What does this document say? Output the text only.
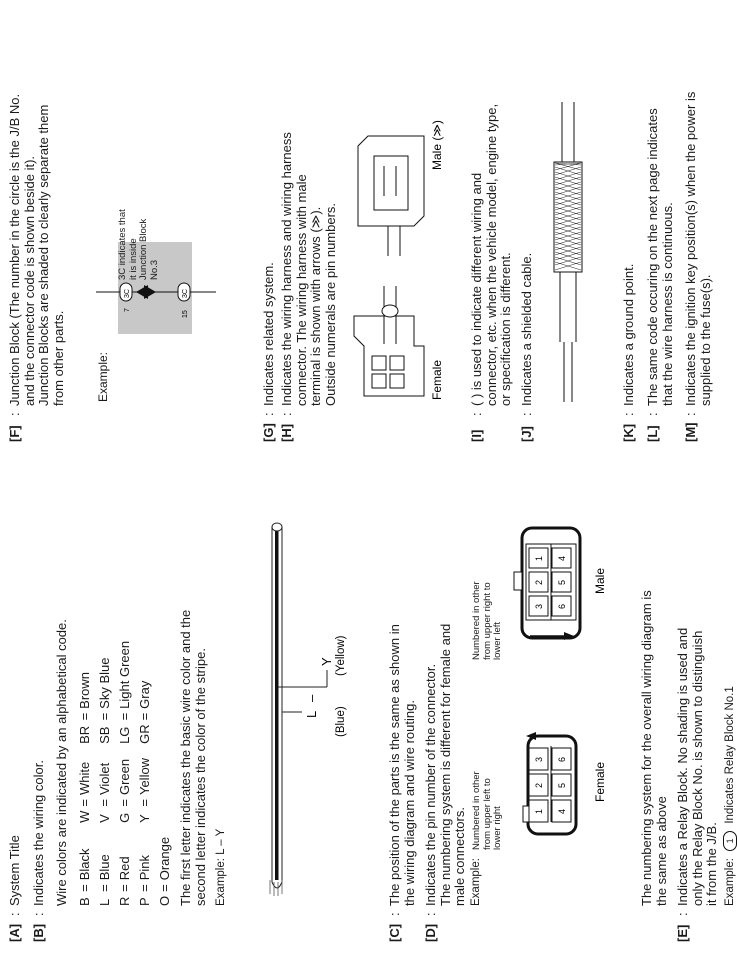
[A]
:
System Title
[B]
:
Indicates the wiring color. Wire colors are indicated by an alphabetical code. B	=	Black	W	=	White	BR	=	Brown
L	=	Blue	V	=	Violet	SB	=	Sky Blue
R	=	Red	G	=	Green	LG	=	Light Green
P	=	Pink	Y	=	Yellow	GR	=	Gray
O	=	Orange						The first letter indicates the basic wire color and the second letter indicates the color of the stripe. Example: L – Y
L
–
Y
(Blue)
(Yellow)
[C]
:
The position of the parts is the same as shown in the wiring diagram and wire routing.
[D]
:
Indicates the pin number of the connector. The numbering system is different for female and male connectors. Example:
Numbered in other from upper left to lower right
Numbered in other from upper right to lower left
1
2
3
4
5
6
Female
3
2
1
6
5
4
Male
The numbering system for the overall wiring diagram is the same as above
[E]
:
Indicates a Relay Block. No shading is used and only the Relay Block No. is shown to distinguish it from the J/B. Example: 1 Indicates Relay Block No.1
[F]
:
Junction Block (The number in the circle is the J/B No. and the connector code is shown beside it). Junction Blocks are shaded to clearly separate them from other parts.	Example:
3C
7
3C
15
3C indicates that it is inside Junction Block No.3
[G]
:
Indicates related system.
[H]
:
Indicates the wiring harness and wiring harness connector. The wiring harness with male terminal is shown with arrows (≫). Outside numerals are pin numbers.	Female
Male (≫)
[I]
:
( ) is used to indicate different wiring and connector, etc. when the vehicle model, engine type, or specification is different.
[J]
:
Indicates a shielded cable.
[K]
:
Indicates a ground point.
[L]
:
The same code occuring on the next page indicates that the wire harness is continuous.
[M]
:
Indicates the ignition key position(s) when the power is supplied to the fuse(s).
